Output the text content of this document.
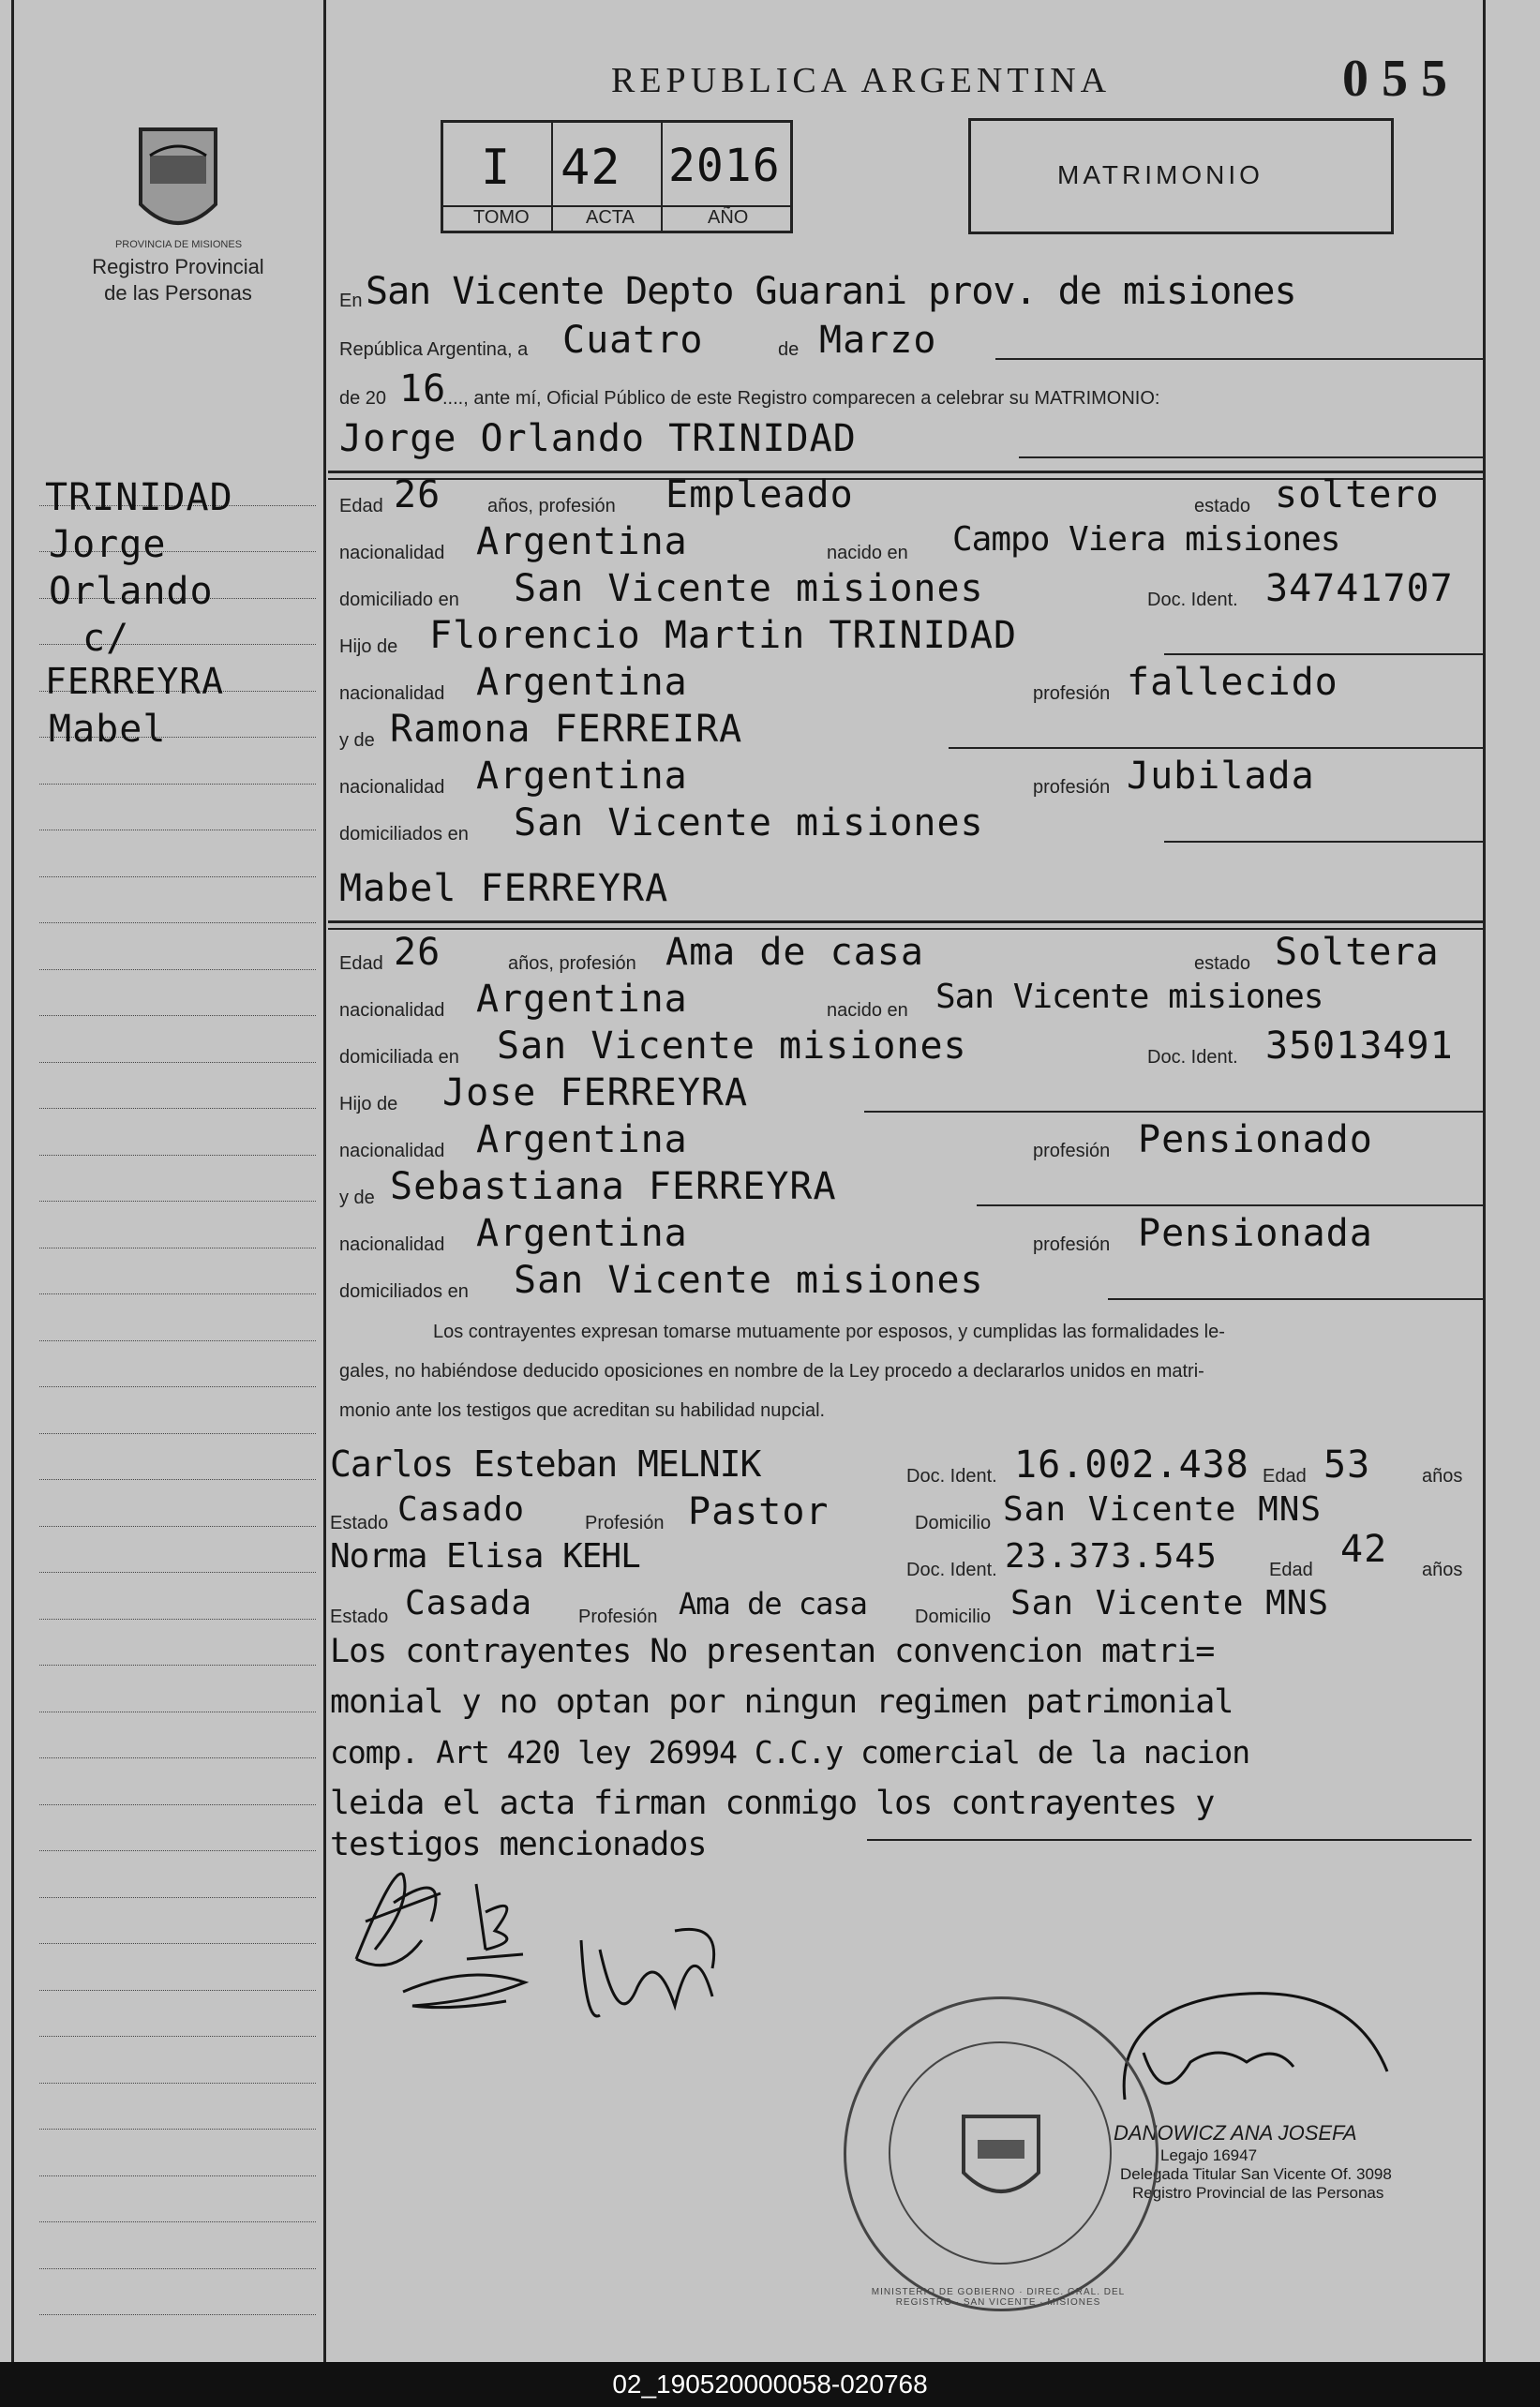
PROVINCIA DE MISIONES
Registro Provincial
de las Personas
REPUBLICA ARGENTINA	0 5 5
I 42 2016
TOMO	ACTA	AÑO
MATRIMONIO
TRINIDAD
Jorge
Orlando
c/
FERREYRA
Mabel
En San Vicente Depto Guarani prov. de misiones
República Argentina, a Cuatro	de Marzo
de 20 16
...., ante mí, Oficial Público de este Registro comparecen a celebrar su MATRIMONIO:
Jorge Orlando TRINIDAD
Edad 26 años, profesión Empleado	estado soltero
nacionalidad Argentina	nacido en Campo Viera misiones
domiciliado en San Vicente misiones	Doc. Ident. 34741707
Hijo de Florencio Martin TRINIDAD
nacionalidad Argentina	profesión fallecido
y de Ramona FERREIRA
nacionalidad Argentina	profesión Jubilada
domiciliados en San Vicente misiones
Mabel FERREYRA
Edad 26	años, profesión Ama de casa	estado Soltera
nacionalidad Argentina	nacido en San Vicente misiones
domiciliada en San Vicente misiones	Doc. Ident. 35013491
Hijo de Jose FERREYRA
nacionalidad Argentina	profesión Pensionado
y de Sebastiana FERREYRA
nacionalidad Argentina	profesión Pensionada
domiciliados en San Vicente misiones
Los contrayentes expresan tomarse mutuamente por esposos, y cumplidas las formalidades le-
gales, no habiéndose deducido oposiciones en nombre de la Ley procedo a declararlos unidos en matri-
monio ante los testigos que acreditan su habilidad nupcial.
Carlos Esteban MELNIK	Doc. Ident. 16.002.438 Edad 53	años
Estado Casado	Profesión Pastor	Domicilio San Vicente MNS
Norma Elisa KEHL	Doc. Ident. 23.373.545	Edad 42 años
Estado Casada Profesión Ama de casa	Domicilio San Vicente MNS
Los contrayentes No presentan convencion matri=
monial y no optan por ningun regimen patrimonial
comp. Art 420 ley 26994 C.C.y comercial de la nacion
leida el acta firman conmigo los contrayentes y
testigos mencionados
DANOWICZ ANA JOSEFA
Legajo 16947
Delegada Titular San Vicente Of. 3098
Registro Provincial de las Personas
MINISTERIO DE GOBIERNO · DIREC. GRAL. DEL REGISTRO · SAN VICENTE · MISIONES
02_190520000058-020768
